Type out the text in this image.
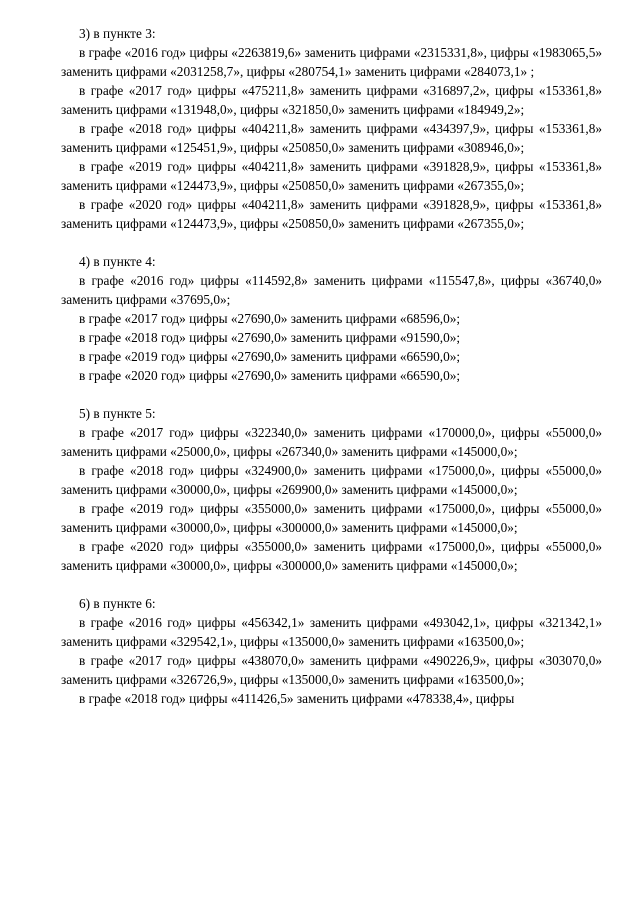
3) в пункте 3:

в графе «2016 год» цифры «2263819,6» заменить цифрами «2315331,8», цифры «1983065,5» заменить цифрами «2031258,7», цифры «280754,1» заменить цифрами «284073,1» ;

в графе «2017 год» цифры «475211,8» заменить цифрами «316897,2», цифры «153361,8» заменить цифрами «131948,0», цифры «321850,0» заменить цифрами «184949,2»;

в графе «2018 год» цифры «404211,8» заменить цифрами «434397,9», цифры «153361,8» заменить цифрами «125451,9», цифры «250850,0» заменить цифрами «308946,0»;

в графе «2019 год» цифры «404211,8» заменить цифрами «391828,9», цифры «153361,8» заменить цифрами «124473,9», цифры «250850,0» заменить цифрами «267355,0»;

в графе «2020 год» цифры «404211,8» заменить цифрами «391828,9», цифры «153361,8» заменить цифрами «124473,9», цифры «250850,0» заменить цифрами «267355,0»;

4) в пункте 4:

в графе «2016 год» цифры «114592,8» заменить цифрами «115547,8», цифры «36740,0» заменить цифрами «37695,0»;

в графе «2017 год» цифры «27690,0» заменить цифрами «68596,0»;

в графе «2018 год» цифры «27690,0» заменить цифрами «91590,0»;

в графе «2019 год» цифры «27690,0» заменить цифрами «66590,0»;

в графе «2020 год» цифры «27690,0» заменить цифрами «66590,0»;

5) в пункте 5:

в графе «2017 год» цифры «322340,0» заменить цифрами «170000,0», цифры «55000,0» заменить цифрами «25000,0», цифры «267340,0» заменить цифрами «145000,0»;

в графе «2018 год» цифры «324900,0» заменить цифрами «175000,0», цифры «55000,0» заменить цифрами «30000,0», цифры «269900,0» заменить цифрами «145000,0»;

в графе «2019 год» цифры «355000,0» заменить цифрами «175000,0», цифры «55000,0» заменить цифрами «30000,0», цифры «300000,0» заменить цифрами «145000,0»;

в графе «2020 год» цифры «355000,0» заменить цифрами «175000,0», цифры «55000,0» заменить цифрами «30000,0», цифры «300000,0» заменить цифрами «145000,0»;

6) в пункте 6:

в графе «2016 год» цифры «456342,1» заменить цифрами «493042,1», цифры «321342,1» заменить цифрами «329542,1», цифры «135000,0» заменить цифрами «163500,0»;

в графе «2017 год» цифры «438070,0» заменить цифрами «490226,9», цифры «303070,0» заменить цифрами «326726,9», цифры «135000,0» заменить цифрами «163500,0»;

в графе «2018 год» цифры «411426,5» заменить цифрами «478338,4», цифры
